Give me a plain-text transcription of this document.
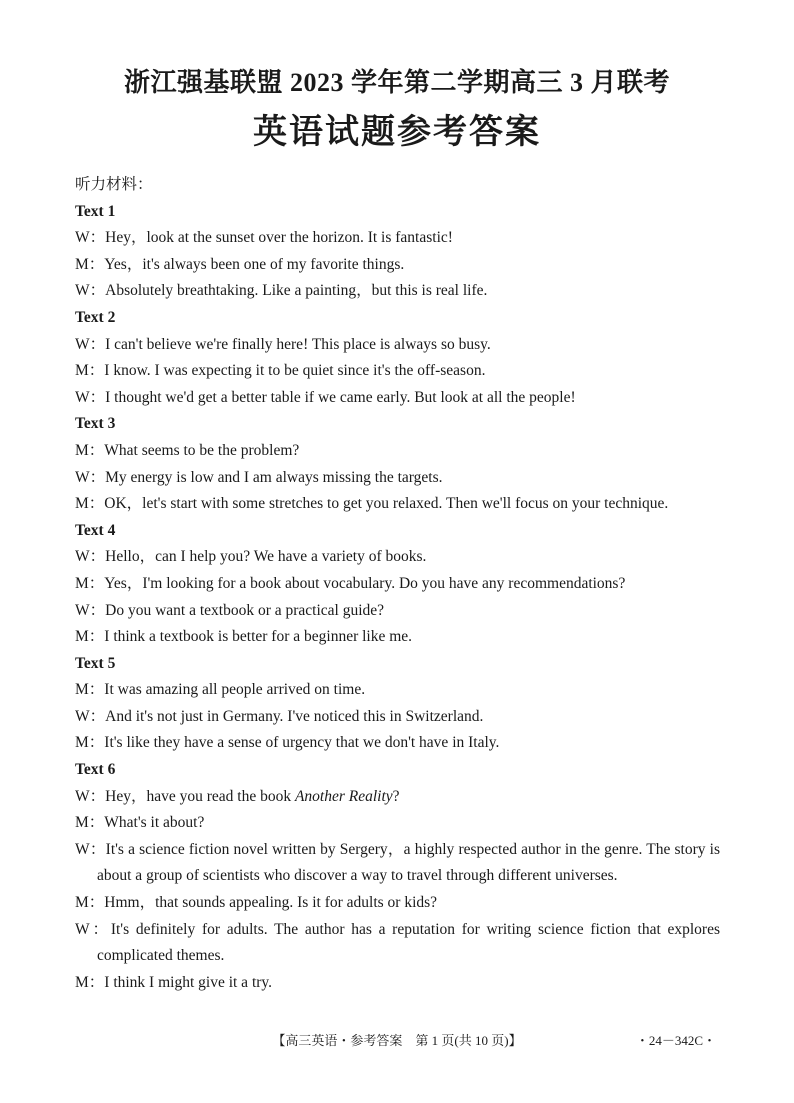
浙江强基联盟 2023 学年第二学期高三 3 月联考
英语试题参考答案
听力材料：
Text 1
W：Hey，look at the sunset over the horizon. It is fantastic!
M：Yes，it's always been one of my favorite things.
W：Absolutely breathtaking. Like a painting，but this is real life.
Text 2
W：I can't believe we're finally here! This place is always so busy.
M：I know. I was expecting it to be quiet since it's the off-season.
W：I thought we'd get a better table if we came early. But look at all the people!
Text 3
M：What seems to be the problem?
W：My energy is low and I am always missing the targets.
M：OK，let's start with some stretches to get you relaxed. Then we'll focus on your technique.
Text 4
W：Hello，can I help you? We have a variety of books.
M：Yes，I'm looking for a book about vocabulary. Do you have any recommendations?
W：Do you want a textbook or a practical guide?
M：I think a textbook is better for a beginner like me.
Text 5
M：It was amazing all people arrived on time.
W：And it's not just in Germany. I've noticed this in Switzerland.
M：It's like they have a sense of urgency that we don't have in Italy.
Text 6
W：Hey，have you read the book Another Reality?
M：What's it about?
W：It's a science fiction novel written by Sergery，a highly respected author in the genre. The story is about a group of scientists who discover a way to travel through different universes.
M：Hmm，that sounds appealing. Is it for adults or kids?
W：It's definitely for adults. The author has a reputation for writing science fiction that explores complicated themes.
M：I think I might give it a try.
【高三英语・参考答案　第 1 页(共 10 页)】	・24－342C・
